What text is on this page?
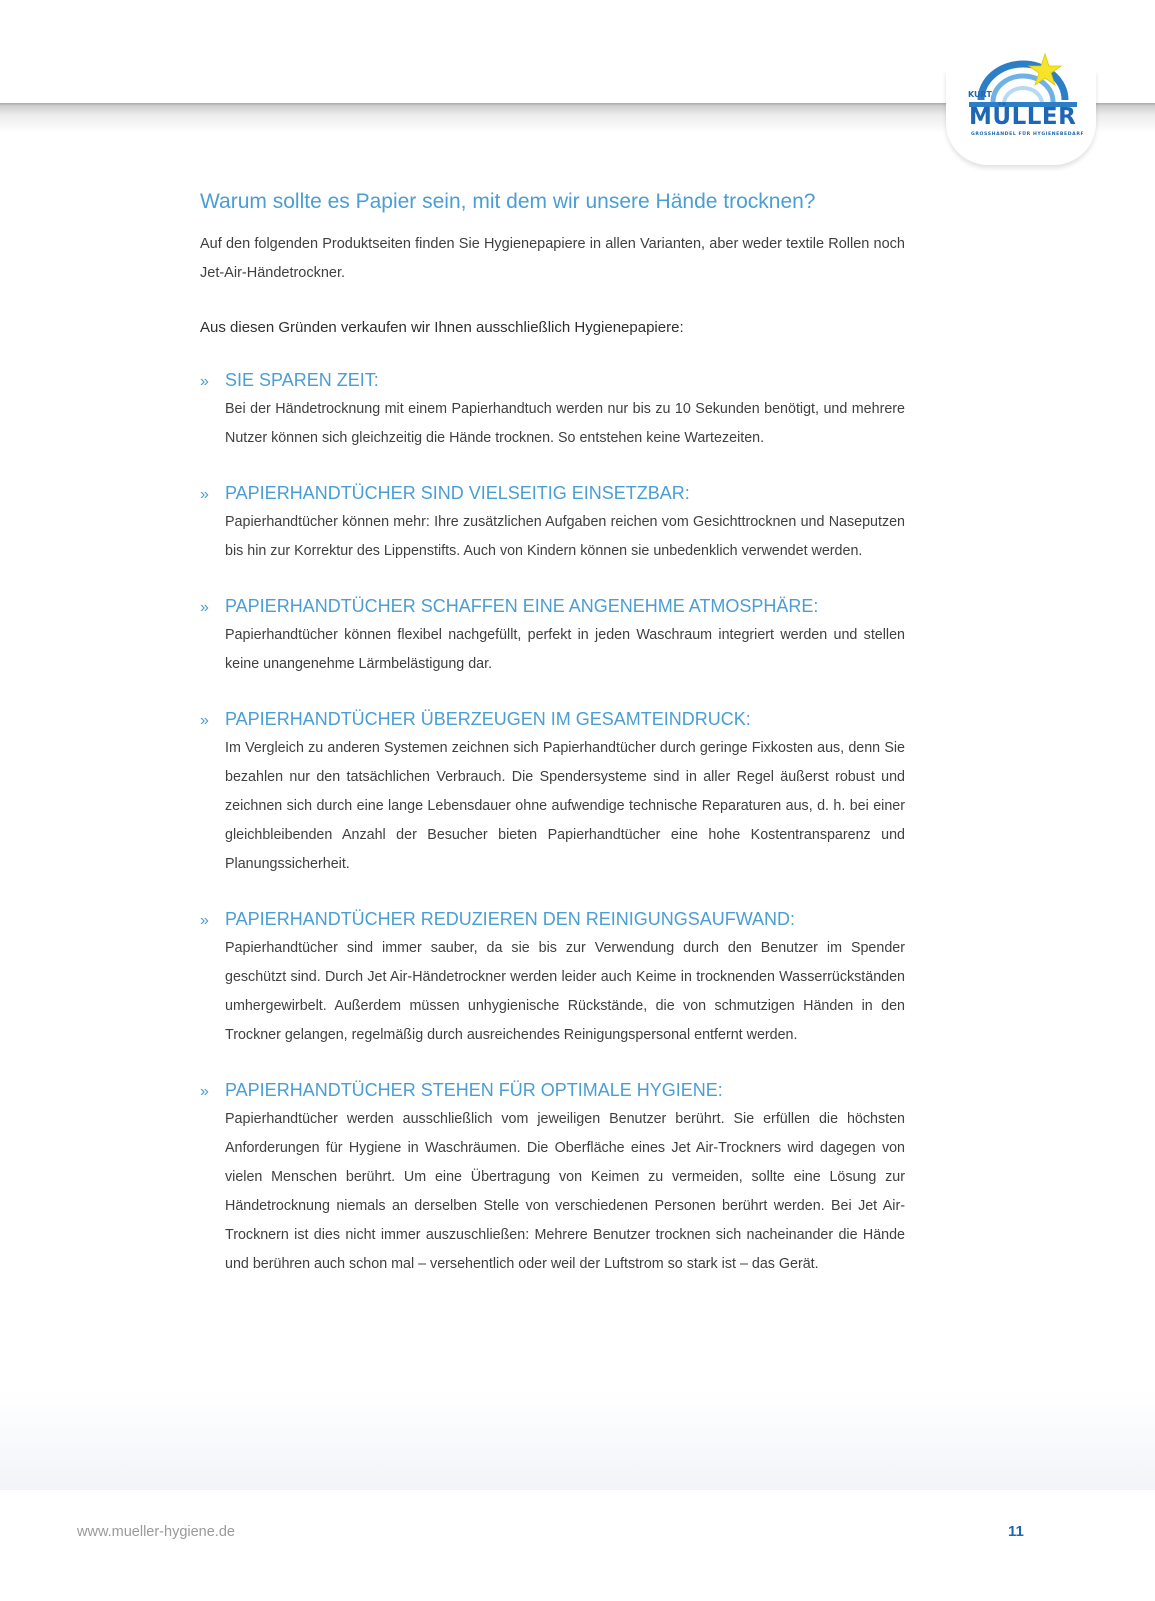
KURT
MÜLLER
GROSSHANDEL FÜR HYGIENEBEDARF
Warum sollte es Papier sein, mit dem wir unsere Hände trocknen?

Auf den folgenden Produktseiten finden Sie Hygienepapiere in allen Varianten, aber weder textile Rollen noch Jet-Air-Händetrockner.

Aus diesen Gründen verkaufen wir Ihnen ausschließlich Hygienepapiere:

» SIE SPAREN ZEIT:
Bei der Händetrocknung mit einem Papierhandtuch werden nur bis zu 10 Sekunden benötigt, und mehrere Nutzer können sich gleichzeitig die Hände trocknen. So entstehen keine Wartezeiten.
» PAPIERHANDTÜCHER SIND VIELSEITIG EINSETZBAR:
Papierhandtücher können mehr: Ihre zusätzlichen Aufgaben reichen vom Gesichttrocknen und Naseputzen bis hin zur Korrektur des Lippenstifts. Auch von Kindern können sie unbedenklich verwendet werden.
» PAPIERHANDTÜCHER SCHAFFEN EINE ANGENEHME ATMOSPHÄRE:
Papierhandtücher können flexibel nachgefüllt, perfekt in jeden Waschraum integriert werden und stellen keine unangenehme Lärmbelästigung dar.
» PAPIERHANDTÜCHER ÜBERZEUGEN IM GESAMTEINDRUCK:
Im Vergleich zu anderen Systemen zeichnen sich Papierhandtücher durch geringe Fixkosten aus, denn Sie bezahlen nur den tatsächlichen Verbrauch. Die Spendersysteme sind in aller Regel äußerst robust und zeichnen sich durch eine lange Lebensdauer ohne aufwendige technische Reparaturen aus, d. h. bei einer gleichbleibenden Anzahl der Besucher bieten Papierhandtücher eine hohe Kostentransparenz und Planungssicherheit.
» PAPIERHANDTÜCHER REDUZIEREN DEN REINIGUNGSAUFWAND:
Papierhandtücher sind immer sauber, da sie bis zur Verwendung durch den Benutzer im Spender geschützt sind. Durch Jet Air-Händetrockner werden leider auch Keime in trocknenden Wasserrückständen umhergewirbelt. Außerdem müssen unhygienische Rückstände, die von schmutzigen Händen in den Trockner gelangen, regelmäßig durch ausreichendes Reinigungspersonal entfernt werden.
» PAPIERHANDTÜCHER STEHEN FÜR OPTIMALE HYGIENE:
Papierhandtücher werden ausschließlich vom jeweiligen Benutzer berührt. Sie erfüllen die höchsten Anforderungen für Hygiene in Waschräumen. Die Oberfläche eines Jet Air-Trockners wird dagegen von vielen Menschen berührt. Um eine Übertragung von Keimen zu vermeiden, sollte eine Lösung zur Händetrocknung niemals an derselben Stelle von verschiedenen Personen berührt werden. Bei Jet Air-Trocknern ist dies nicht immer auszuschließen: Mehrere Benutzer trocknen sich nacheinander die Hände und berühren auch schon mal – versehentlich oder weil der Luftstrom so stark ist – das Gerät.
www.mueller-hygiene.de	11
